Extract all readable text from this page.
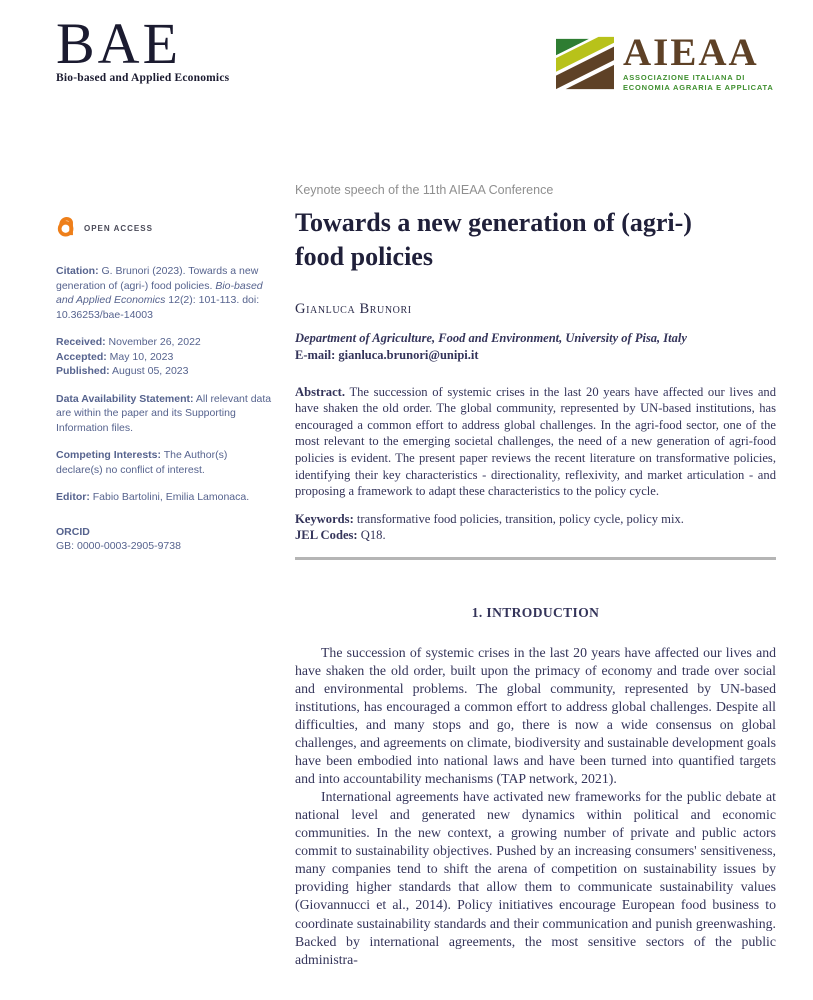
BAE
Bio-based and Applied Economics
AIEAA
ASSOCIAZIONE ITALIANA DI
ECONOMIA AGRARIA E APPLICATA
OPEN ACCESS

Citation: G. Brunori (2023). Towards a new generation of (agri-) food policies. Bio-based and Applied Economics 12(2): 101-113. doi: 10.36253/bae-14003

Received: November 26, 2022
Accepted: May 10, 2023
Published: August 05, 2023

Data Availability Statement: All relevant data are within the paper and its Supporting Information files.

Competing Interests: The Author(s) declare(s) no conflict of interest.

Editor: Fabio Bartolini, Emilia Lamonaca.

ORCID
GB: 0000-0003-2905-9738

Keynote speech of the 11th AIEAA Conference
Towards a new generation of (agri-) food policies
Gianluca Brunori
Department of Agriculture, Food and Environment, University of Pisa, Italy
E-mail: gianluca.brunori@unipi.it

Abstract. The succession of systemic crises in the last 20 years have affected our lives and have shaken the old order. The global community, represented by UN-based institutions, has encouraged a common effort to address global challenges. In the agri-food sector, one of the most relevant to the emerging societal challenges, the need of a new generation of agri-food policies is evident. The present paper reviews the recent literature on transformative policies, identifying their key characteristics - directionality, reflexivity, and market articulation - and proposing a framework to adapt these characteristics to the policy cycle.

Keywords: transformative food policies, transition, policy cycle, policy mix.
JEL Codes: Q18.
1. INTRODUCTION

The succession of systemic crises in the last 20 years have affected our lives and have shaken the old order, built upon the primacy of economy and trade over social and environmental problems. The global community, represented by UN-based institutions, has encouraged a common effort to address global challenges. Despite all difficulties, and many stops and go, there is now a wide consensus on global challenges, and agreements on climate, biodiversity and sustainable development goals have been embodied into national laws and have been turned into quantified targets and into accountability mechanisms (TAP network, 2021).

International agreements have activated new frameworks for the public debate at national level and generated new dynamics within political and economic communities. In the new context, a growing number of private and public actors commit to sustainability objectives. Pushed by an increasing consumers' sensitiveness, many companies tend to shift the arena of competition on sustainability issues by providing higher standards that allow them to communicate sustainability values (Giovannucci et al., 2014). Policy initiatives encourage European food business to coordinate sustainability standards and their communication and punish greenwashing. Backed by international agreements, the most sensitive sectors of the public administra-
